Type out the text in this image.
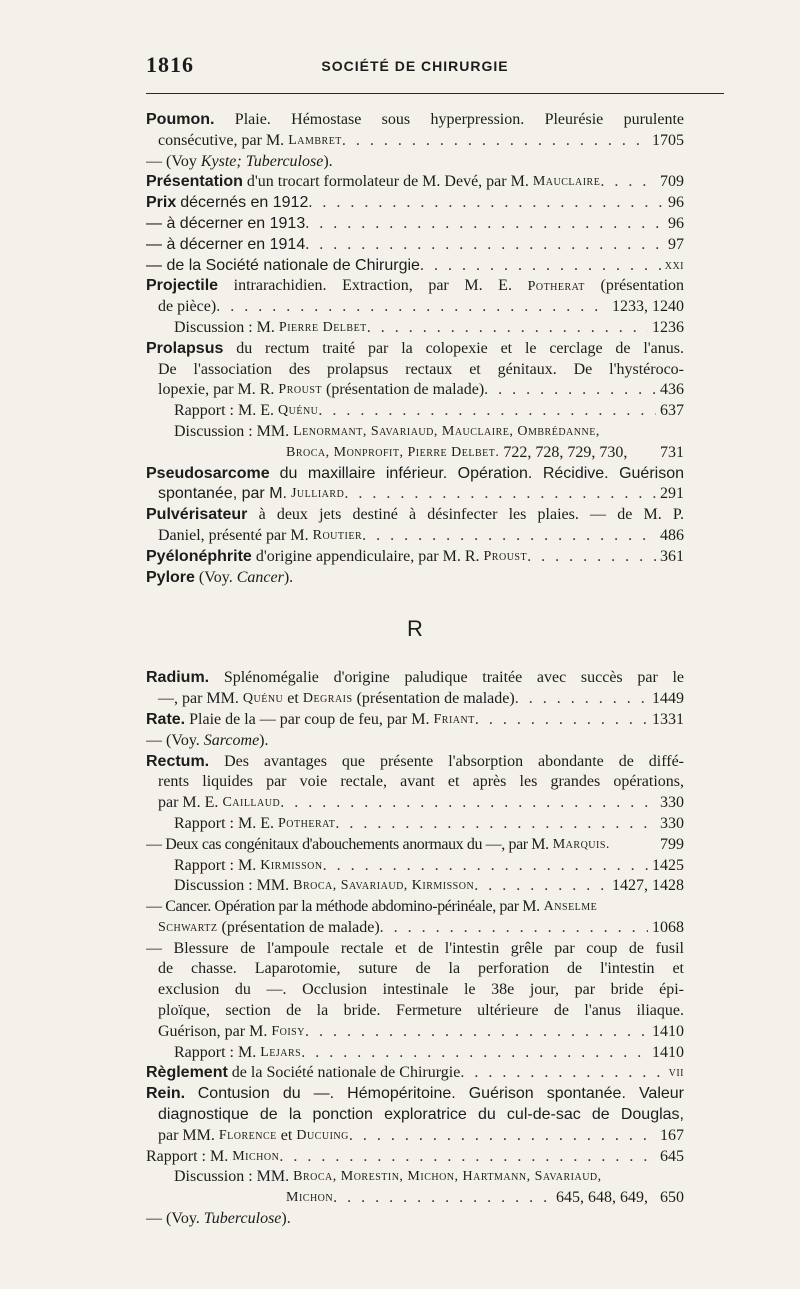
1816	SOCIÉTÉ DE CHIRURGIE
Poumon. Plaie. Hémostase sous hyperpression. Pleurésie purulente
consécutive, par M.
Lambret . . .	1705
— (Voy
Kyste; Tuberculose ).
Présentation
d'un trocart formolateur de M. Devé, par M.
Mauclaire . . .	709
Prix
décernés en 1912 . . .	96
— à décerner en 1913 . . .	96
— à décerner en 1914 . . .	97
— de la Société nationale de Chirurgie . . .	xxi
Projectile intrarachidien. Extraction, par M. E. Potherat (présentation
de pièce) . . .	1233, 1240
Discussion : M.
Pierre Delbet . . .	1236
Prolapsus du rectum traité par la colopexie et le cerclage de l'anus.
De l'association des prolapsus rectaux et génitaux. De l'hystéroco-
lopexie, par M. R.
Proust
(présentation de malade) . . .	436
Rapport : M. E.
Quénu . . .	637
Discussion : MM.
Lenormant, Savariaud, Mauclaire, Ombrédanne,
Broca, Monprofit, Pierre Delbet.
722, 728, 729, 730, 731
Pseudosarcome du maxillaire inférieur. Opération. Récidive. Guérison
spontanée, par M.
Julliard . . .	291
Pulvérisateur à deux jets destiné à désinfecter les plaies. — de M. P.
Daniel, présenté par M.
Routier . . .	486
Pyélonéphrite
d'origine appendiculaire, par M. R.
Proust . . .	361
Pylore
(Voy.
Cancer ).
R
Radium. Splénomégalie d'origine paludique traitée avec succès par le
—, par MM.
Quénu
et
Degrais
(présentation de malade) . . .	1449
Rate.
Plaie de la — par coup de feu, par M.
Friant . . .	1331
— (Voy.
Sarcome ).
Rectum. Des avantages que présente l'absorption abondante de diffé-
rents liquides par voie rectale, avant et après les grandes opérations,
par M. E.
Caillaud . . .	330
Rapport : M. E.
Potherat . . .	330
— Deux cas congénitaux d'abouchements anormaux du —, par M.
Marquis.	799
Rapport : M.
Kirmisson . . .	1425
Discussion : MM.
Broca, Savariaud, Kirmisson . . .	1427, 1428
— Cancer. Opération par la méthode abdomino-périnéale, par M.
Anselme
Schwartz
(présentation de malade) . . .	1068
— Blessure de l'ampoule rectale et de l'intestin grêle par coup de fusil
de chasse. Laparotomie, suture de la perforation de l'intestin et
exclusion du —. Occlusion intestinale le 38e jour, par bride épi-
ploïque, section de la bride. Fermeture ultérieure de l'anus iliaque.
Guérison, par M.
Foisy . . .	1410
Rapport : M.
Lejars . . .	1410
Règlement
de la Société nationale de Chirurgie . . .	vii
Rein. Contusion du —. Hémopéritoine. Guérison spontanée. Valeur
diagnostique de la ponction exploratrice du cul-de-sac de Douglas,
par MM.
Florence
et
Ducuing . . .	167
Rapport : M.
Michon . . .	645
Discussion : MM.
Broca, Morestin, Michon, Hartmann, Savariaud,
Michon . . .	645, 648, 649, 650
— (Voy.
Tuberculose ).
